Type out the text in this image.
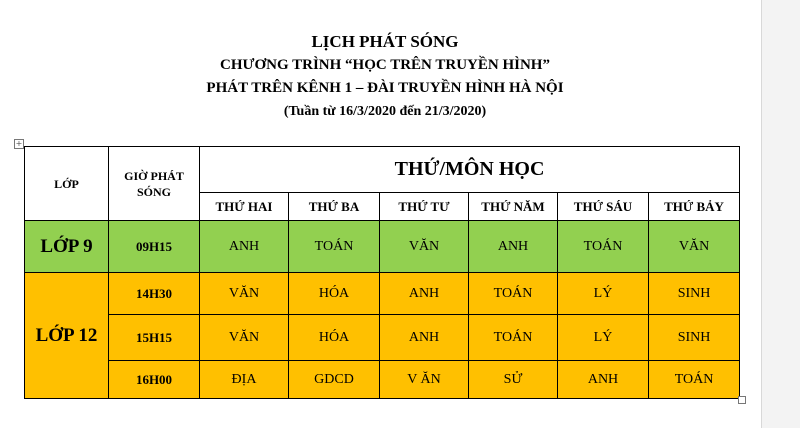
LỊCH PHÁT SÓNG
CHƯƠNG TRÌNH “HỌC TRÊN TRUYỀN HÌNH”
PHÁT TRÊN KÊNH 1 – ĐÀI TRUYỀN HÌNH HÀ NỘI
(Tuần từ 16/3/2020 đến 21/3/2020)
+
LỚP	GIỜ PHÁT SÓNG	THỨ/MÔN HỌC					
		THỨ HAI	THỨ BA	THỨ TƯ	THỨ NĂM	THỨ SÁU	THỨ BẢY
LỚP 9	09H15	ANH	TOÁN	VĂN	ANH	TOÁN	VĂN
LỚP 12	14H30	VĂN	HÓA	ANH	TOÁN	LÝ	SINH
	15H15	VĂN	HÓA	ANH	TOÁN	LÝ	SINH
	16H00	ĐỊA	GDCD	V ĂN	SỬ	ANH	TOÁN
